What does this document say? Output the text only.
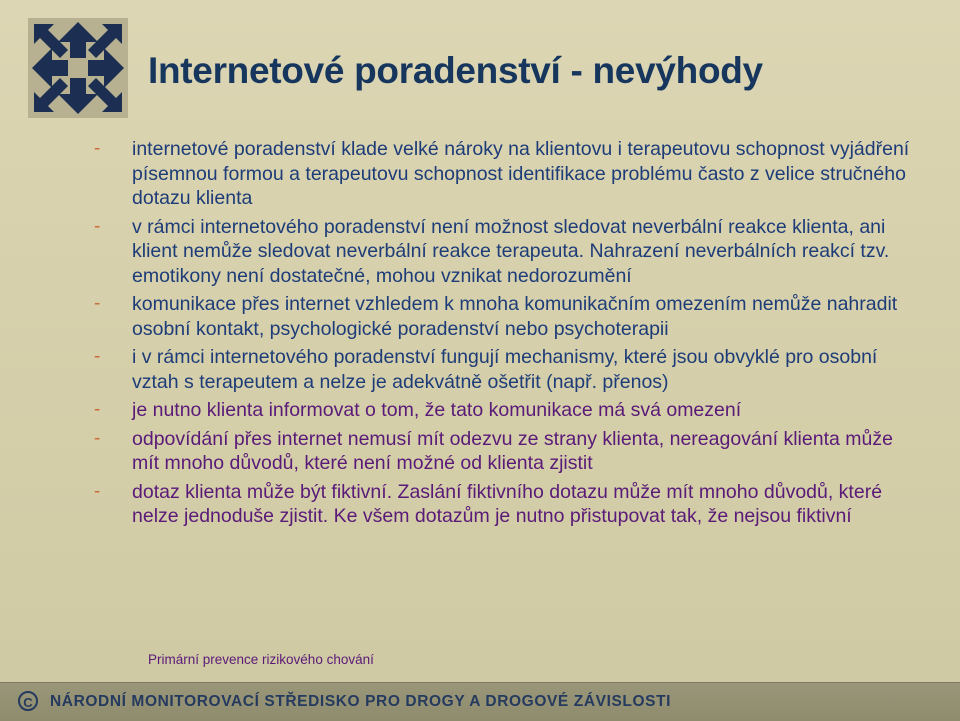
Internetové poradenství - nevýhody
- internetové poradenství klade velké nároky na klientovu i terapeutovu schopnost vyjádření písemnou formou a terapeutovu schopnost identifikace problému často z velice stručného dotazu klienta
- v rámci internetového poradenství není možnost sledovat neverbální reakce klienta, ani klient nemůže sledovat neverbální reakce terapeuta. Nahrazení neverbálních reakcí tzv. emotikony není dostatečné, mohou vznikat nedorozumění
- komunikace přes internet vzhledem k mnoha komunikačním omezením nemůže nahradit osobní kontakt, psychologické poradenství nebo psychoterapii
- i v rámci internetového poradenství fungují mechanismy, které jsou obvyklé pro osobní vztah s terapeutem a nelze je adekvátně ošetřit (např. přenos)
- je nutno klienta informovat o tom, že tato komunikace má svá omezení
- odpovídání přes internet nemusí mít odezvu ze strany klienta, nereagování klienta může mít mnoho důvodů, které není možné od klienta zjistit
- dotaz klienta může být fiktivní. Zaslání fiktivního dotazu může mít mnoho důvodů, které nelze jednoduše zjistit. Ke všem dotazům je nutno přistupovat tak, že nejsou fiktivní
Primární prevence rizikového chování
C	NÁRODNÍ MONITOROVACÍ STŘEDISKO PRO DROGY A DROGOVÉ ZÁVISLOSTI
